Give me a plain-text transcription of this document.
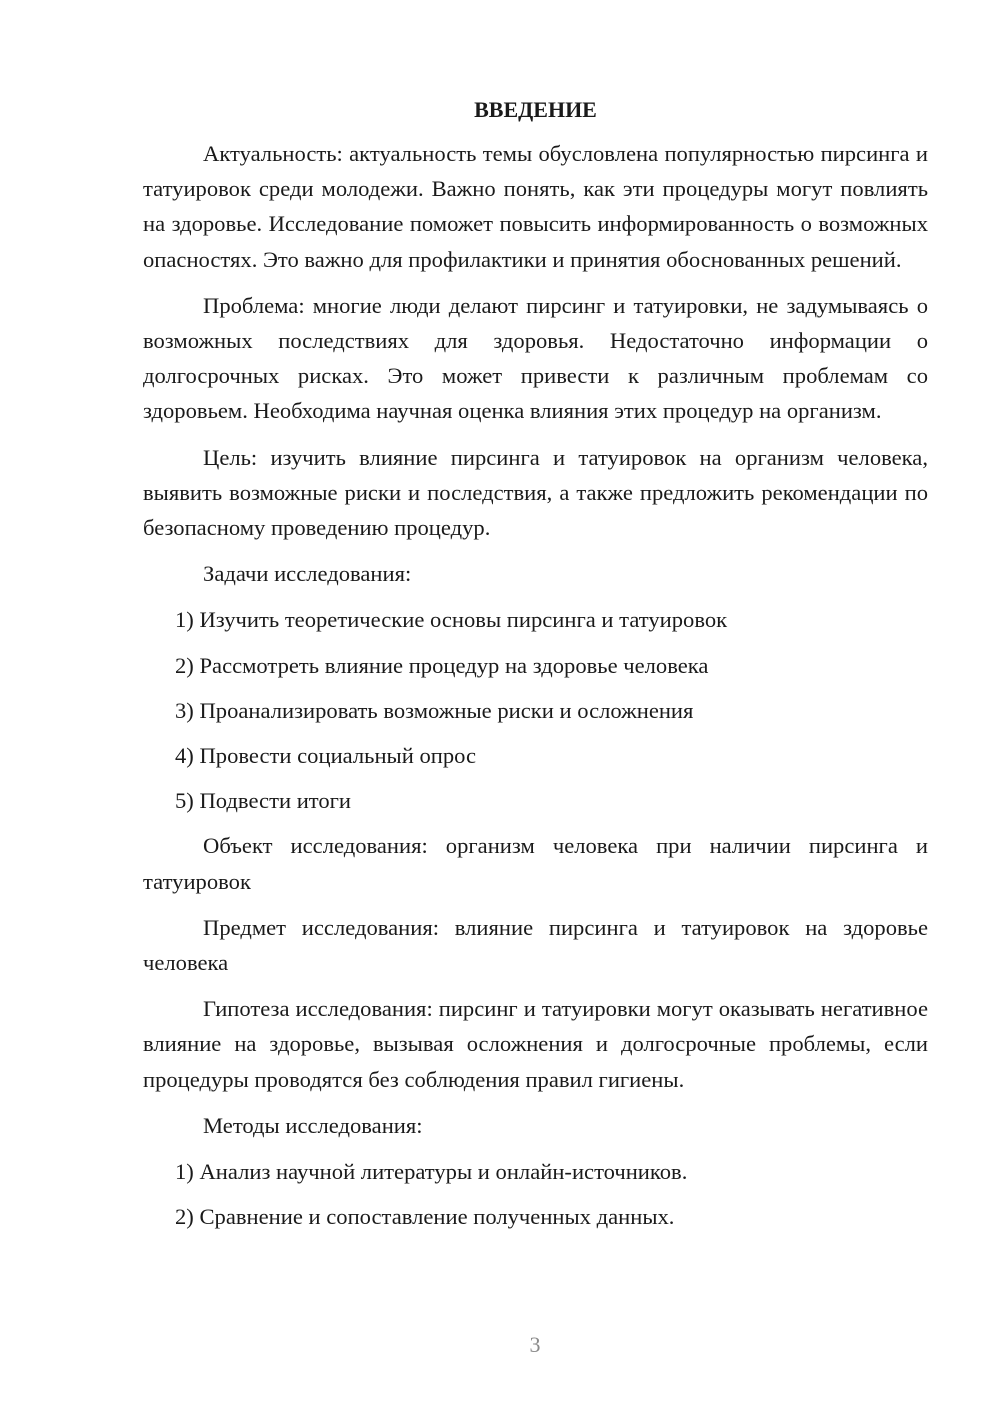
ВВЕДЕНИЕ

Актуальность: актуальность темы обусловлена популярностью пирсинга и татуировок среди молодежи. Важно понять, как эти процедуры могут повлиять на здоровье. Исследование поможет повысить информированность о возможных опасностях. Это важно для профилактики и принятия обоснованных решений.

Проблема: многие люди делают пирсинг и татуировки, не задумываясь о возможных последствиях для здоровья. Недостаточно информации о долгосрочных рисках. Это может привести к различным проблемам со здоровьем. Необходима научная оценка влияния этих процедур на организм.

Цель: изучить влияние пирсинга и татуировок на организм человека, выявить возможные риски и последствия, а также предложить рекомендации по безопасному проведению процедур.

Задачи исследования:

1) Изучить теоретические основы пирсинга и татуировок
2) Рассмотреть влияние процедур на здоровье человека
3) Проанализировать возможные риски и осложнения
4) Провести социальный опрос
5) Подвести итоги

Объект исследования: организм человека при наличии пирсинга и татуировок

Предмет исследования: влияние пирсинга и татуировок на здоровье человека

Гипотеза исследования: пирсинг и татуировки могут оказывать негативное влияние на здоровье, вызывая осложнения и долгосрочные проблемы, если процедуры проводятся без соблюдения правил гигиены.

Методы исследования:

1) Анализ научной литературы и онлайн-источников.
2) Сравнение и сопоставление полученных данных.
3
